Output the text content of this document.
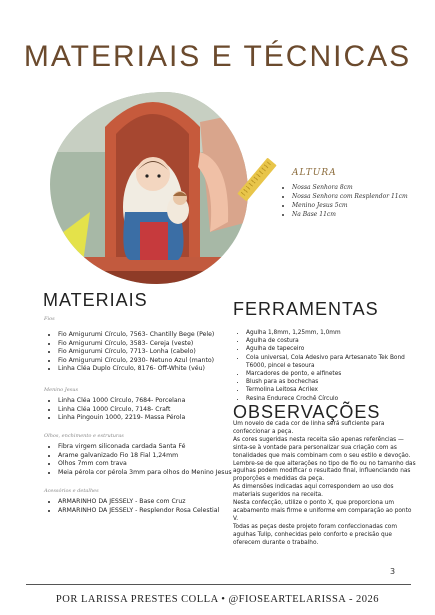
MATERIAIS E TÉCNICAS
ALTURA
• Nossa Senhora 8cm
• Nossa Senhora com Resplendor 11cm
• Menino Jesus 5cm
• Na Base 11cm
MATERIAIS
Fios
• Fio Amigurumi Círculo, 7563- Chantilly Bege (Pele)
• Fio Amigurumi Círculo, 3583- Cereja (veste)
• Fio Amigurumi Círculo, 7713- Lonha (cabelo)
• Fio Amigurumi Círculo, 2930- Netuno Azul (manto)
• Linha Cléa Duplo Círculo, 8176- Off-White (véu)
Menino Jesus
• Linha Cléa 1000 Círculo, 7684- Porcelana
• Linha Cléa 1000 Círculo, 7148- Craft
• Linha Pingouin 1000, 2219- Massa Pérola
Olhos, enchimento e estruturas
• Fibra virgem siliconada cardada Santa Fé
• Arame galvanizado Fio 18 Fial 1,24mm
• Olhos 7mm com trava
• Meia pérola cor pérola 3mm para olhos do Menino Jesus
Acessórios e detalhes
• ARMARINHO DA JESSELY - Base com Cruz
• ARMARINHO DA JESSELY - Resplendor Rosa Celestial
FERRAMENTAS
• Agulha 1,8mm, 1,25mm, 1,0mm
• Agulha de costura
• Agulha de tapeceiro
• Cola universal, Cola Adesivo para Artesanato Tek Bond T6000, pincel e tesoura
• Marcadores de ponto, e alfinetes
• Blush para as bochechas
• Termolina Leitosa Acrilex
• Resina Endurece Crochê Círculo
OBSERVAÇÕES

Um novelo de cada cor de linha será suficiente para confeccionar a peça.

As cores sugeridas nesta receita são apenas referências — sinta-se à vontade para personalizar sua criação com as tonalidades que mais combinam com o seu estilo e devoção.

Lembre-se de que alterações no tipo de fio ou no tamanho das agulhas podem modificar o resultado final, influenciando nas proporções e medidas da peça.

As dimensões indicadas aqui correspondem ao uso dos materiais sugeridos na receita.

Nesta confecção, utilize o ponto X, que proporciona um acabamento mais firme e uniforme em comparação ao ponto V.

Todas as peças deste projeto foram confeccionadas com agulhas Tulip, conhecidas pelo conforto e precisão que oferecem durante o trabalho.

3
POR LARISSA PRESTES COLLA • @FIOSEARTELARISSA - 2026
